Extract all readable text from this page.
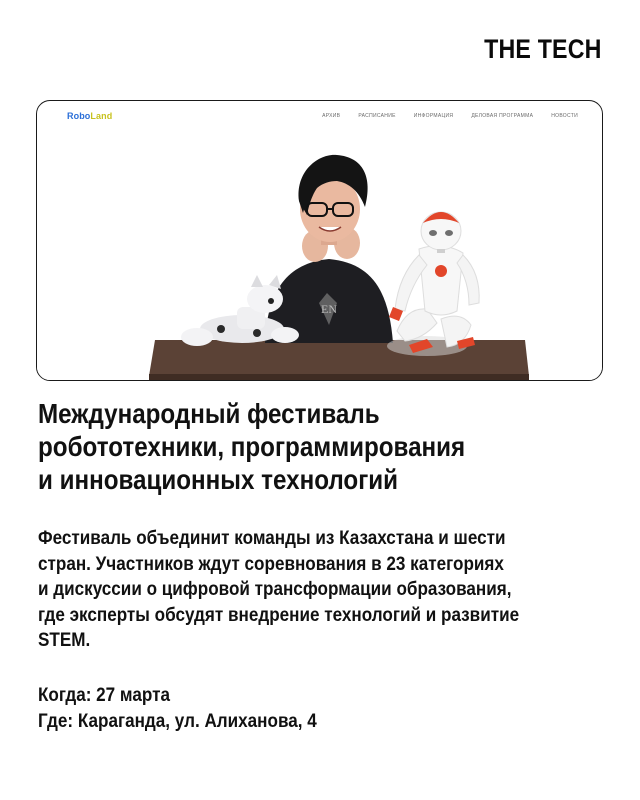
THE TECH
RoboLand	АРХИВ	РАСПИСАНИЕ	ИНФОРМАЦИЯ	ДЕЛОВАЯ ПРОГРАММА	НОВОСТИ
EN
Международный фестиваль
робототехники, программирования
и инновационных технологий
Фестиваль объединит команды из Казахстана и шести
стран. Участников ждут соревнования в 23 категориях
и дискуссии о цифровой трансформации образования,
где эксперты обсудят внедрение технологий и развитие
STEM.
Когда: 27 марта
Где: Караганда, ул. Алиханова, 4
